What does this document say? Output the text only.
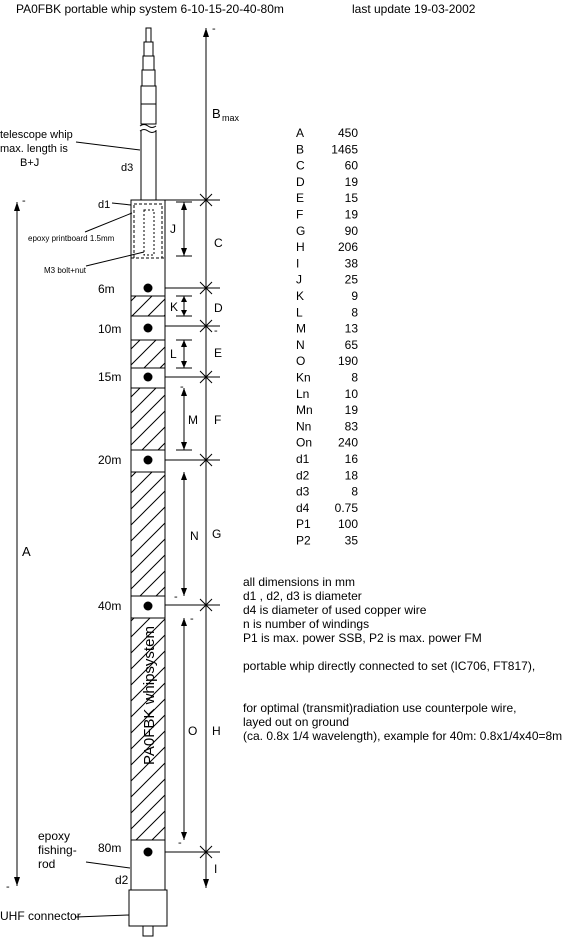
PA0FBK portable whip system 6-10-15-20-40-80m	last update 19-03-2002
PA0FBK whipsystem
6m
10m
15m
20m
40m
80m
telescope whip
max. length is
B+J	d3
d1
epoxy printboard 1.5mm
M3 bolt+nut
epoxy
fishing-
rod
d2
UHF connector
-
-
A
B max
-
C
D
E
F
G
H
I
-
J
K
L
-
M
N
-
O
-
-
A	450
B 1465
C	60
D	19
E	15
F	19
G	90
H	206
I	38
J	25
K	9
L	8
M	13
N	65
O	190
Kn	8
Ln	10
Mn	19
Nn	83
On 240
d1	16
d2	18
d3	8
d4 0.75
P1 100
P2	35
all dimensions in mm
d1 , d2, d3 is diameter
d4 is diameter of used copper wire
n is number of windings
P1 is max. power SSB, P2 is max. power FM
portable whip directly connected to set (IC706, FT817),
for optimal (transmit)radiation use counterpole wire,
layed out on ground
(ca. 0.8x 1/4 wavelength), example for 40m: 0.8x1/4x40=8m
